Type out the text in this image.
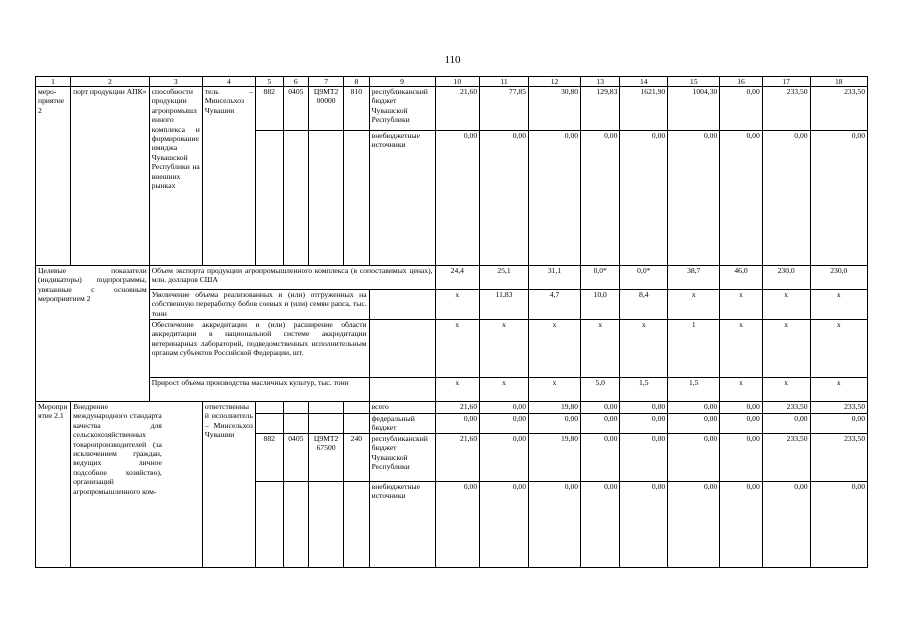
110
1	2	3	4	5	6	7	8	9	10	11	12	13	14	15	16	17	18
меро-приятие 2	порт продукции АПК»	способности продукции агропромышленного комплекса и формирование имиджа Чувашской Республики на внешних рынках	тель – Минсельхоз Чувашии	882	0405	Ц9МТ2 00000	810	республиканский бюджет Чувашской Республики	21,60	77,85	30,80	129,83	1621,90	1004,30	0,00	233,50	233,50
								внебюджетные источники	0,00	0,00	0,00	0,00	0,00	0,00	0,00	0,00	0,00
Целевые показатели (индикаторы) подпрограммы, увязанные с основным мероприятием 2		Объем экспорта продукции агропромышленного комплекса (в сопоставимых ценах), млн. долларов США							24,4	25,1	31,1	0,0*	0,0*	38,7	46,0	230,0	230,0
		Увеличение объема реализованных и (или) отгруженных на собственную переработку бобов соевых и (или) семян рапса, тыс. тонн							х	11,83	4,7	10,0	8,4	х	х	х	х
		Обеспечение аккредитации и (или) расширение области аккредитации в национальной системе аккредитации ветеринарных лабораторий, подведомственных исполнительным органам субъектов Российской Федерации, шт.							х	х	х	х	х	1	х	х	х
		Прирост объема производства масличных культур, тыс. тонн							х	х	х	5,0	1,5	1,5	х	х	х
Мероприятие 2.1	Внедрение международного стандарта качества для сельскохозяйственных товаропроизводителей (за исключением граждан, ведущих личное подсобное хозяйство), организаций агропромышленного ком-		ответственный исполнитель – Минсельхоз Чувашии					всего	21,60	0,00	19,80	0,00	0,00	0,00	0,00	233,50	233,50
								федеральный бюджет	0,00	0,00	0,00	0,00	0,00	0,00	0,00	0,00	0,00
				882	0405	Ц9МТ2 67500	240	республиканский бюджет Чувашской Республики	21,60	0,00	19,80	0,00	0,00	0,00	0,00	233,50	233,50
								внебюджетные источники	0,00	0,00	0,00	0,00	0,00	0,00	0,00	0,00	0,00
